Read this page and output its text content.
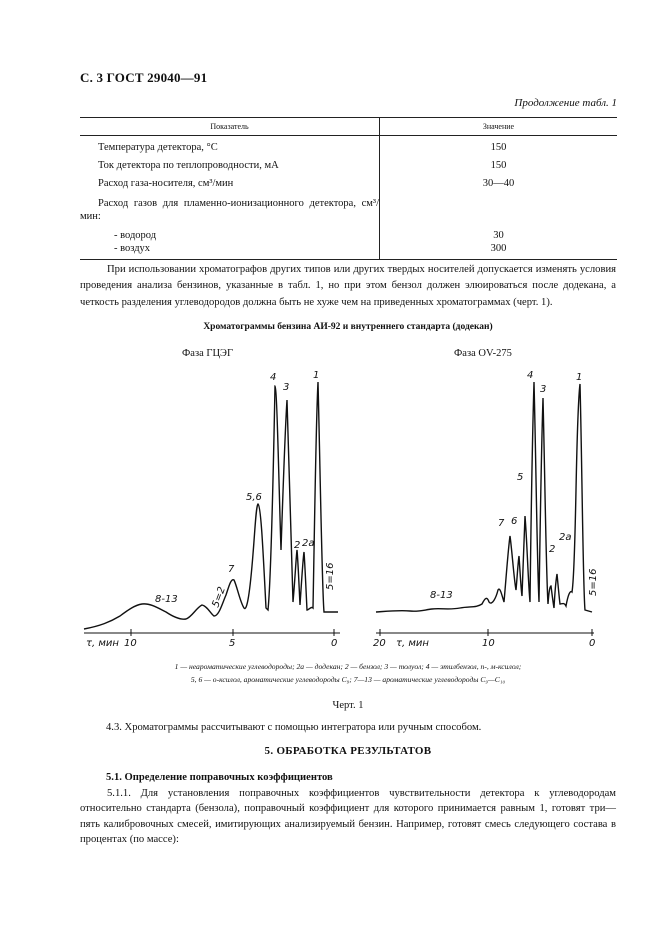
С. 3 ГОСТ 29040—91
Продолжение табл. 1
Показатель	Значение
Температура детектора, °С	150
Ток детектора по теплопроводности, мА	150
Расход газа-носителя, см³/мин	30—40
Расход газов для пламенно-ионизационного детектора, см³/мин:	
- водород	30
- воздух	300
При использовании хроматографов других типов или других твердых носителей допускается изменять условия проведения анализа бензинов, указанные в табл. 1, но при этом бензол должен элюироваться после додекана, а четкость разделения углеводородов должна быть не хуже чем на приведенных хроматограммах (черт. 1).
Хроматограммы бензина АИ-92 и внутреннего стандарта (додекан)
Фаза ГЦЭГ	Фаза OV-275
τ, мин 10	5	0
8-13	5=2
7
5,6
4
3
2 2а
1
5=16
20 τ, мин	10	0
8-13
7 6
5
4
3
2
2а
1
5=16
1 — неароматические углеводороды; 2а — додекан; 2 — бензол; 3 — толуол; 4 — этилбензол, п-, м-ксилол;
5, 6 — о-ксилол, ароматические углеводороды С₉; 7—13 — ароматические углеводороды С₉—С₁₀
Черт. 1
4.3. Хроматограммы рассчитывают с помощью интегратора или ручным способом.
5. ОБРАБОТКА РЕЗУЛЬТАТОВ
5.1. Определение поправочных коэффициентов
5.1.1. Для установления поправочных коэффициентов чувствительности детектора к углеводородам относительно стандарта (бензола), поправочный коэффициент для которого принимается равным 1, готовят три—пять калибровочных смесей, имитирующих анализируемый бензин. Например, готовят смесь следующего состава в процентах (по массе):
